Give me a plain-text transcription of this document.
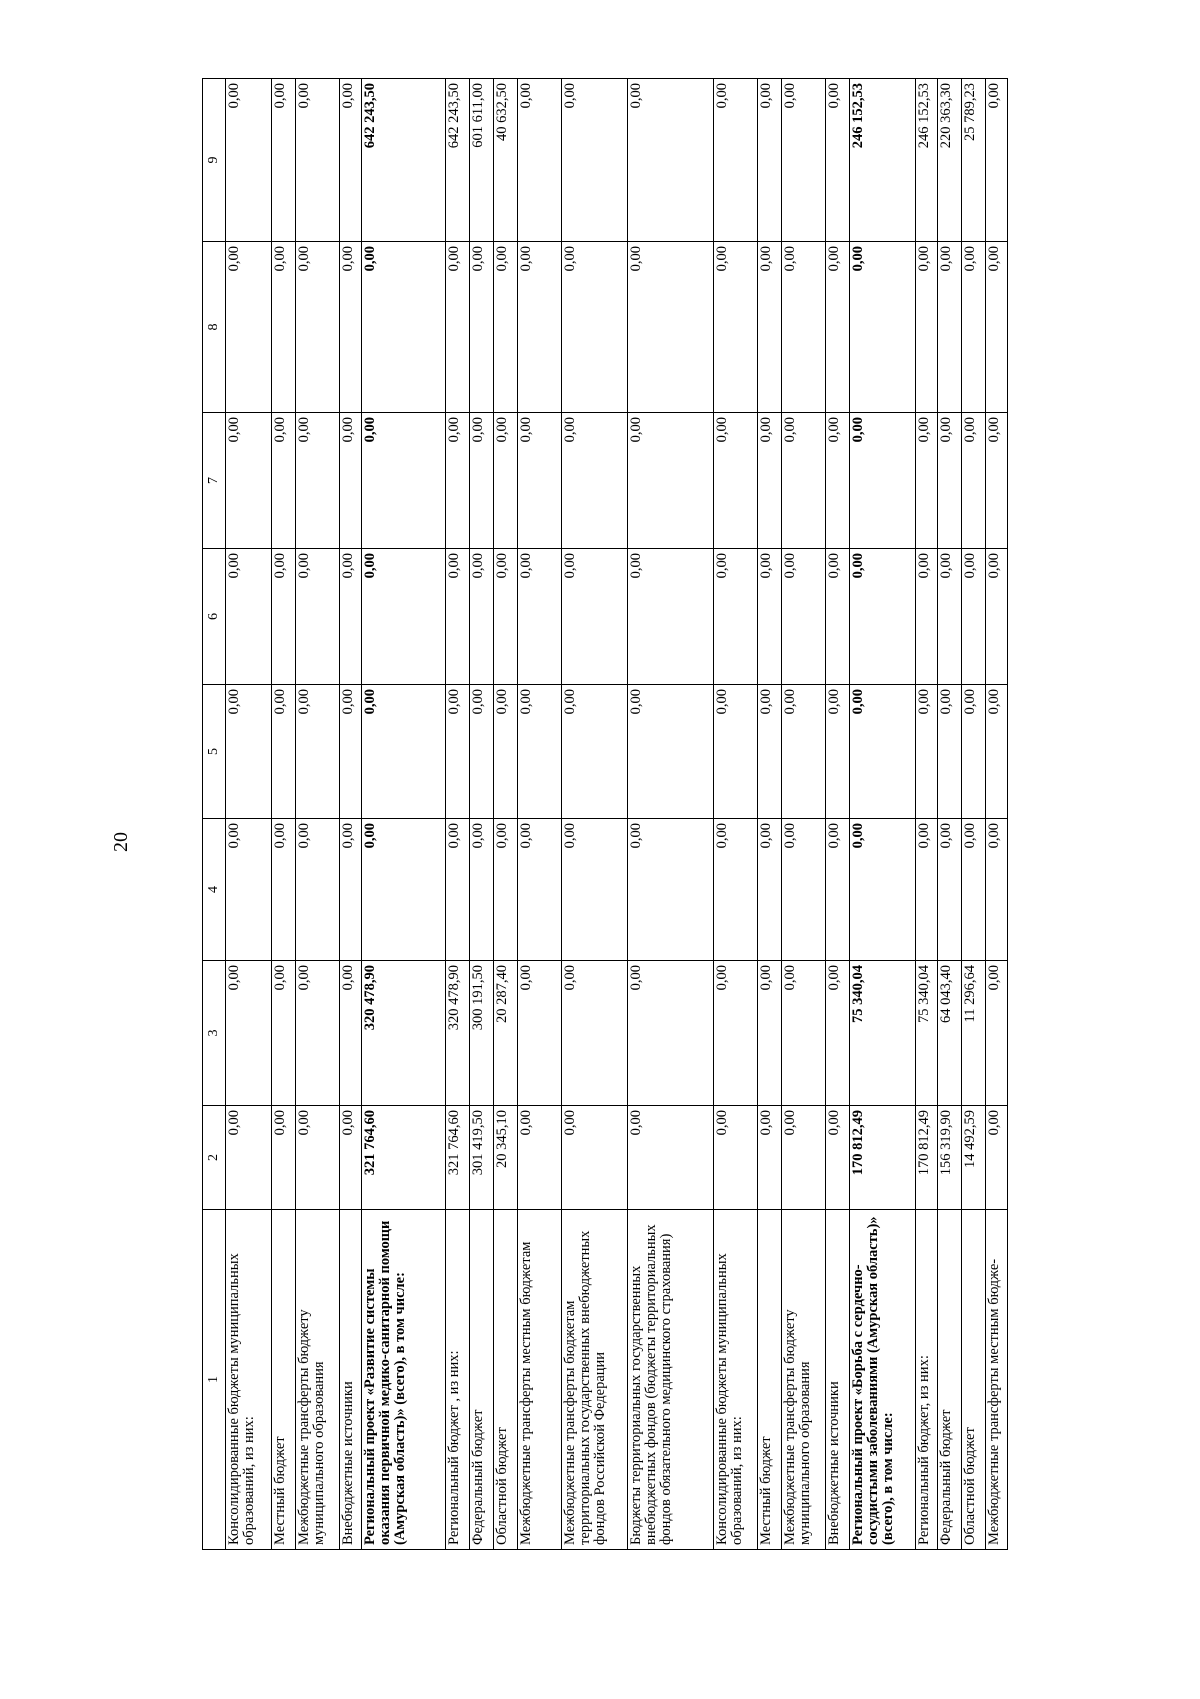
20
1	2	3	4	5	6	7	8	9
Консолидированные бюджеты муниципальных образований, из них:	0,00	0,00	0,00	0,00	0,00	0,00	0,00	0,00
Местный бюджет	0,00	0,00	0,00	0,00	0,00	0,00	0,00	0,00
Межбюджетные трансферты бюджету муниципального образования	0,00	0,00	0,00	0,00	0,00	0,00	0,00	0,00
Внебюджетные источники	0,00	0,00	0,00	0,00	0,00	0,00	0,00	0,00
Региональный проект «Развитие системы оказания первичной медико-санитарной помощи (Амурская область)» (всего), в том числе:	321 764,60	320 478,90	0,00	0,00	0,00	0,00	0,00	642 243,50
Региональный бюджет , из них:	321 764,60	320 478,90	0,00	0,00	0,00	0,00	0,00	642 243,50
Федеральный бюджет	301 419,50	300 191,50	0,00	0,00	0,00	0,00	0,00	601 611,00
Областной бюджет	20 345,10	20 287,40	0,00	0,00	0,00	0,00	0,00	40 632,50
Межбюджетные трансферты местным бюджетам	0,00	0,00	0,00	0,00	0,00	0,00	0,00	0,00
Межбюджетные трансферты бюджетам территориальных государственных внебюджетных фондов Российской Федерации	0,00	0,00	0,00	0,00	0,00	0,00	0,00	0,00
Бюджеты территориальных государственных внебюджетных фондов (бюджеты территориальных фондов обязательного медицинского страхования)	0,00	0,00	0,00	0,00	0,00	0,00	0,00	0,00
Консолидированные бюджеты муниципальных образований, из них:	0,00	0,00	0,00	0,00	0,00	0,00	0,00	0,00
Местный бюджет	0,00	0,00	0,00	0,00	0,00	0,00	0,00	0,00
Межбюджетные трансферты бюджету муниципального образования	0,00	0,00	0,00	0,00	0,00	0,00	0,00	0,00
Внебюджетные источники	0,00	0,00	0,00	0,00	0,00	0,00	0,00	0,00
Региональный проект «Борьба с сердечно-сосудистыми заболеваниями (Амурская область)» (всего), в том числе:	170 812,49	75 340,04	0,00	0,00	0,00	0,00	0,00	246 152,53
Региональный бюджет, из них:	170 812,49	75 340,04	0,00	0,00	0,00	0,00	0,00	246 152,53
Федеральный бюджет	156 319,90	64 043,40	0,00	0,00	0,00	0,00	0,00	220 363,30
Областной бюджет	14 492,59	11 296,64	0,00	0,00	0,00	0,00	0,00	25 789,23
Межбюджетные трансферты местным бюдже-	0,00	0,00	0,00	0,00	0,00	0,00	0,00	0,00
